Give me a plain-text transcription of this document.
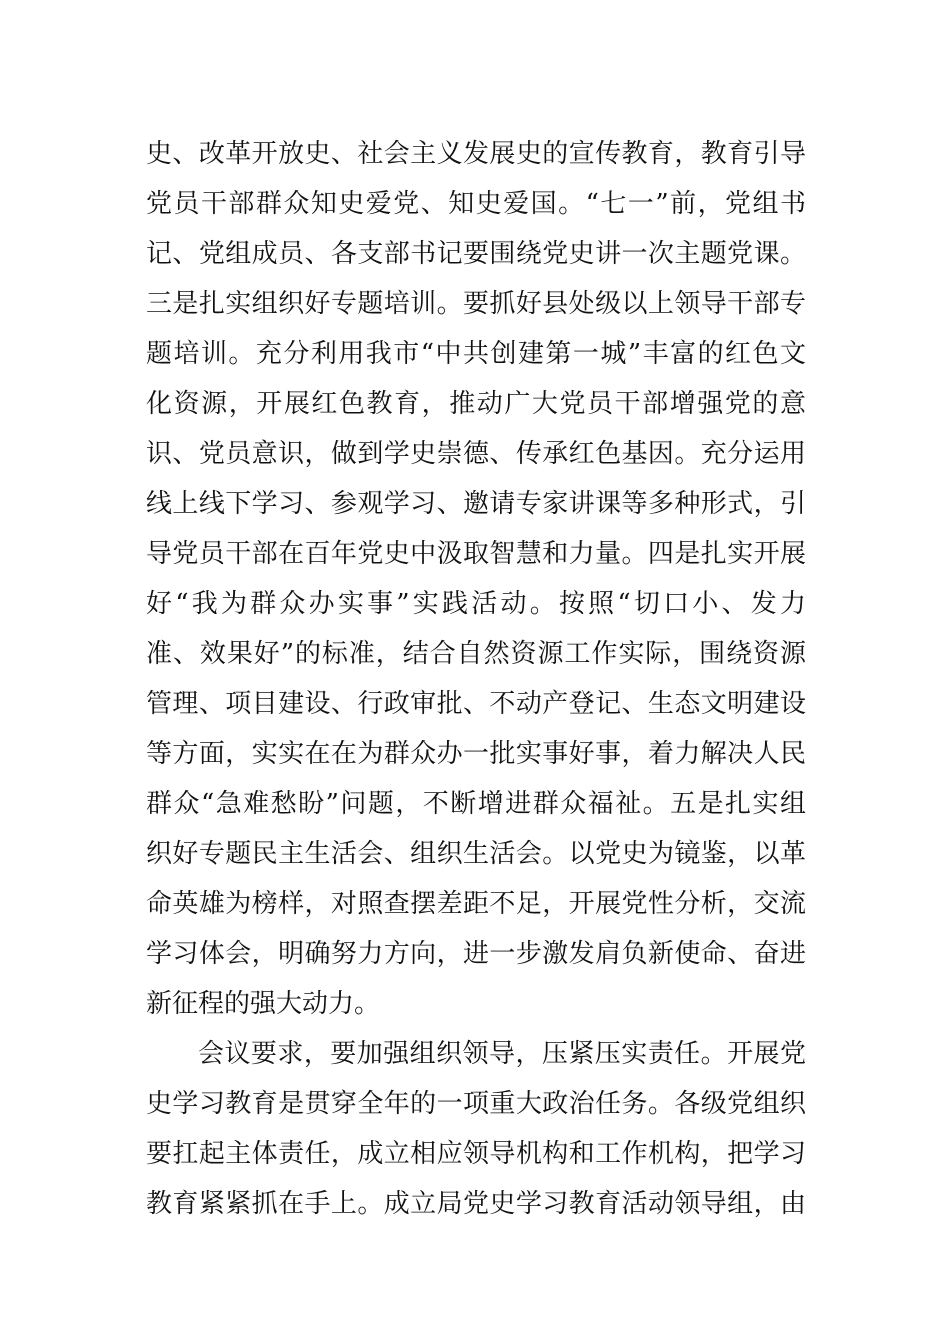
史、改革开放史、社会主义发展史的宣传教育，教育引导
党员干部群众知史爱党、知史爱国。“七一”前，党组书
记、党组成员、各支部书记要围绕党史讲一次主题党课。
三是扎实组织好专题培训。要抓好县处级以上领导干部专
题培训。充分利用我市“中共创建第一城”丰富的红色文
化资源，开展红色教育，推动广大党员干部增强党的意
识、党员意识，做到学史崇德、传承红色基因。充分运用
线上线下学习、参观学习、邀请专家讲课等多种形式，引
导党员干部在百年党史中汲取智慧和力量。四是扎实开展
好“我为群众办实事”实践活动。按照“切口小、发力
准、效果好”的标准，结合自然资源工作实际，围绕资源
管理、项目建设、行政审批、不动产登记、生态文明建设
等方面，实实在在为群众办一批实事好事，着力解决人民
群众“急难愁盼”问题，不断增进群众福祉。五是扎实组
织好专题民主生活会、组织生活会。以党史为镜鉴，以革
命英雄为榜样，对照查摆差距不足，开展党性分析，交流
学习体会，明确努力方向，进一步激发肩负新使命、奋进
新征程的强大动力。
会议要求，要加强组织领导，压紧压实责任。开展党
史学习教育是贯穿全年的一项重大政治任务。各级党组织
要扛起主体责任，成立相应领导机构和工作机构，把学习
教育紧紧抓在手上。成立局党史学习教育活动领导组，由
